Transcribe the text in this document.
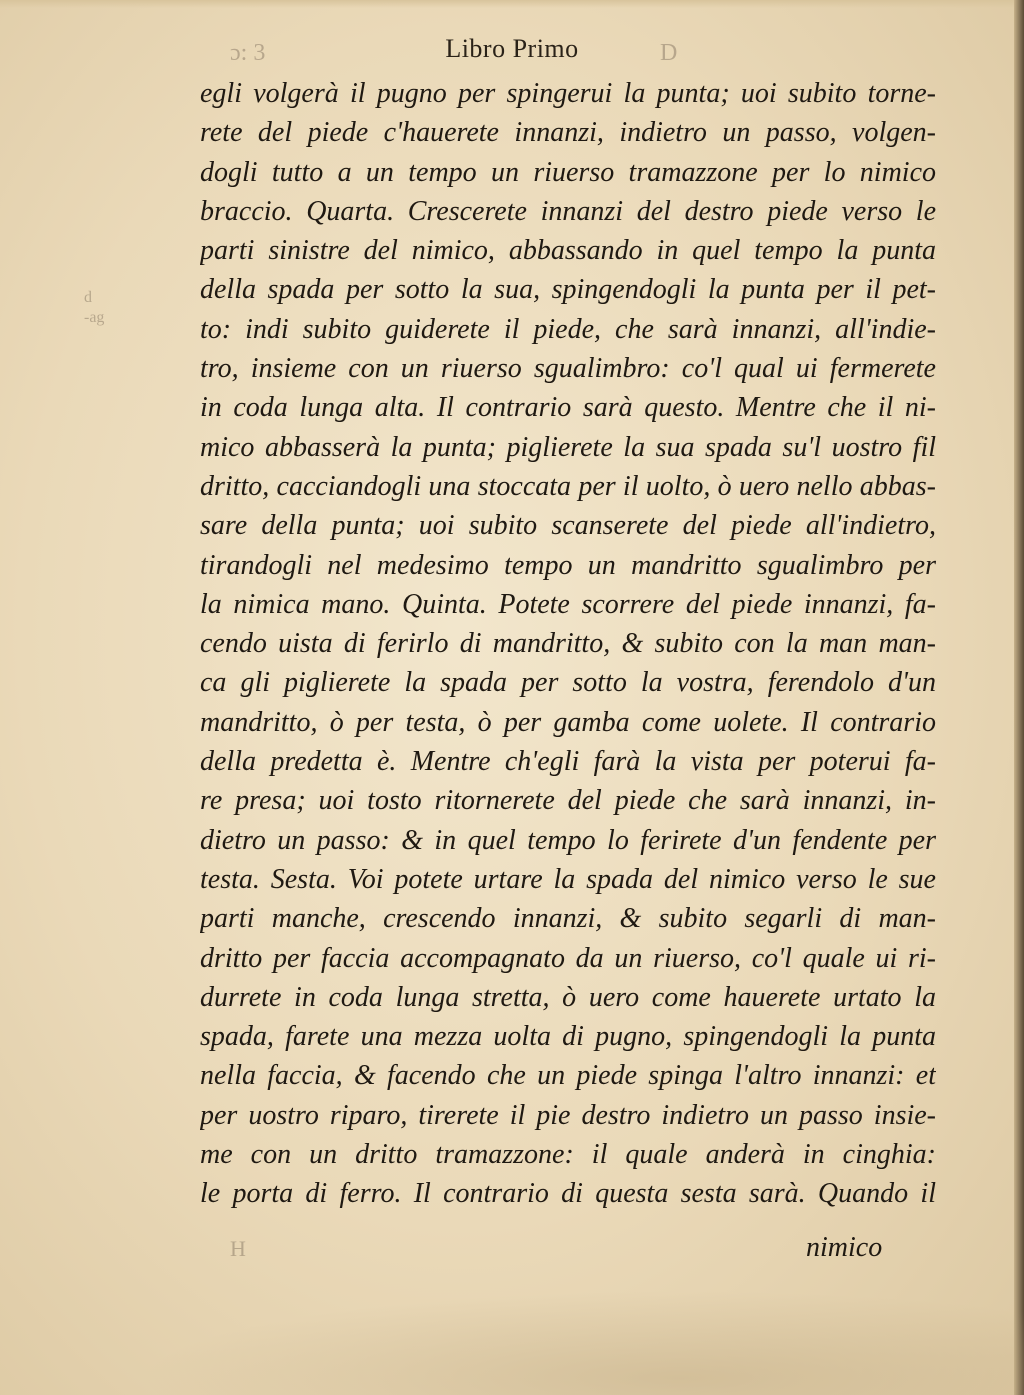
ɔ: 3	D
d
-ag
H
Libro Primo
egli volgerà il pugno per spingerui la punta; uoi subito torne-
rete del piede c'hauerete innanzi, indietro un passo, volgen-
dogli tutto a un tempo un riuerso tramazzone per lo nimico
braccio. Quarta. Crescerete innanzi del destro piede verso le
parti sinistre del nimico, abbassando in quel tempo la punta
della spada per sotto la sua, spingendogli la punta per il pet-
to: indi subito guiderete il piede, che sarà innanzi, all'indie-
tro, insieme con un riuerso sgualimbro: co'l qual ui fermerete
in coda lunga alta. Il contrario sarà questo. Mentre che il ni-
mico abbasserà la punta; piglierete la sua spada su'l uostro fil
dritto, cacciandogli una stoccata per il uolto, ò uero nello abbas-
sare della punta; uoi subito scanserete del piede all'indietro,
tirandogli nel medesimo tempo un mandritto sgualimbro per
la nimica mano. Quinta. Potete scorrere del piede innanzi, fa-
cendo uista di ferirlo di mandritto, & subito con la man man-
ca gli piglierete la spada per sotto la vostra, ferendolo d'un
mandritto, ò per testa, ò per gamba come uolete. Il contrario
della predetta è. Mentre ch'egli farà la vista per poterui fa-
re presa; uoi tosto ritornerete del piede che sarà innanzi, in-
dietro un passo: & in quel tempo lo ferirete d'un fendente per
testa. Sesta. Voi potete urtare la spada del nimico verso le sue
parti manche, crescendo innanzi, & subito segarli di man-
dritto per faccia accompagnato da un riuerso, co'l quale ui ri-
durrete in coda lunga stretta, ò uero come hauerete urtato la
spada, farete una mezza uolta di pugno, spingendogli la punta
nella faccia, & facendo che un piede spinga l'altro innanzi: et
per uostro riparo, tirerete il pie destro indietro un passo insie-
me con un dritto tramazzone: il quale anderà in cinghia:
le porta di ferro. Il contrario di questa sesta sarà. Quando il
nimico
